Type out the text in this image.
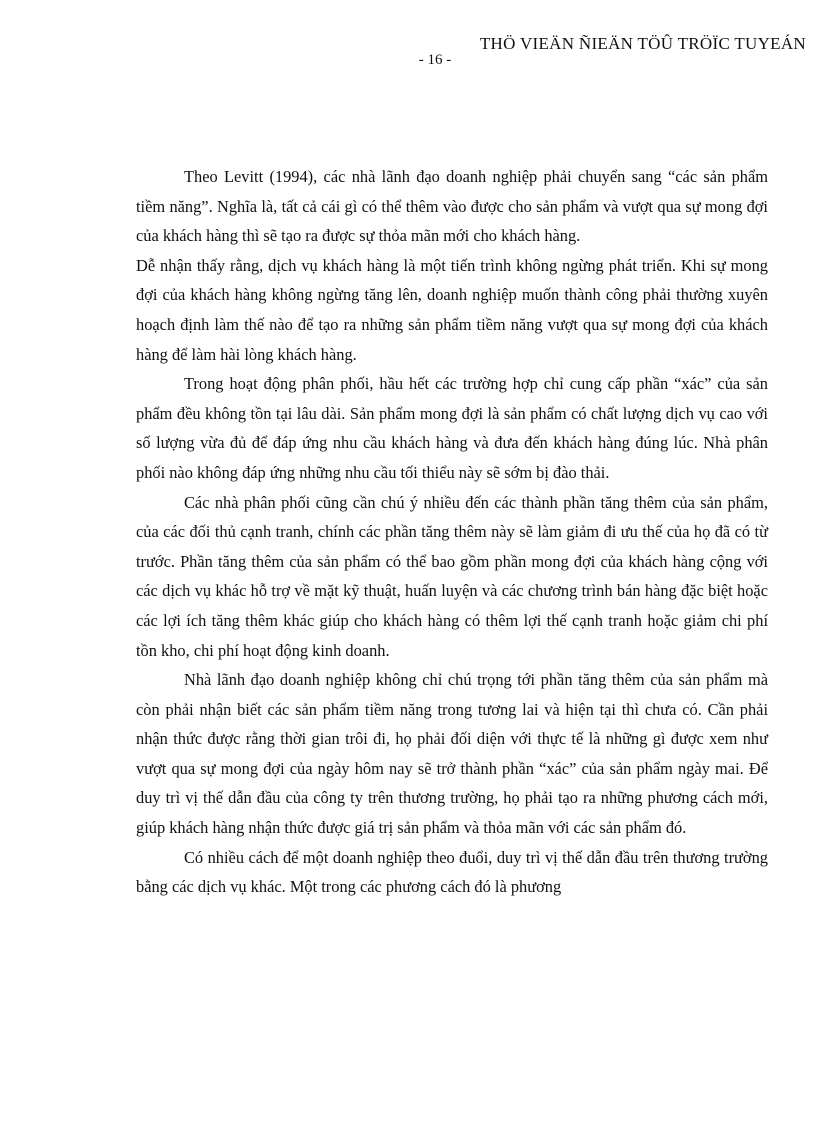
THÖ VIEÄN ÑIEÄN TÖÛ TRÖÏC TUYEÁN
- 16 -

Theo Levitt (1994), các nhà lãnh đạo doanh nghiệp phải chuyển sang “các sản phẩm tiềm năng”. Nghĩa là, tất cả cái gì có thể thêm vào được cho sản phẩm và vượt qua sự mong đợi của khách hàng thì sẽ tạo ra được sự thỏa mãn mới cho khách hàng.

Dễ nhận thấy rằng, dịch vụ khách hàng là một tiến trình không ngừng phát triển. Khi sự mong đợi của khách hàng không ngừng tăng lên, doanh nghiệp muốn thành công phải thường xuyên hoạch định làm thế nào để tạo ra những sản phẩm tiềm năng vượt qua sự mong đợi của khách hàng để làm hài lòng khách hàng.

Trong hoạt động phân phối, hầu hết các trường hợp chỉ cung cấp phần “xác” của sản phẩm đều không tồn tại lâu dài. Sản phẩm mong đợi là sản phẩm có chất lượng dịch vụ cao với số lượng vừa đủ để đáp ứng nhu cầu khách hàng và đưa đến khách hàng đúng lúc. Nhà phân phối nào không đáp ứng những nhu cầu tối thiểu này sẽ sớm bị đào thải.

Các nhà phân phối cũng cần chú ý nhiều đến các thành phần tăng thêm của sản phẩm, của các đối thủ cạnh tranh, chính các phần tăng thêm này sẽ làm giảm đi ưu thế của họ đã có từ trước. Phần tăng thêm của sản phẩm có thể bao gồm phần mong đợi của khách hàng cộng với các dịch vụ khác hỗ trợ về mặt kỹ thuật, huấn luyện và các chương trình bán hàng đặc biệt hoặc các lợi ích tăng thêm khác giúp cho khách hàng có thêm lợi thế cạnh tranh hoặc giảm chi phí tồn kho, chi phí hoạt động kinh doanh.

Nhà lãnh đạo doanh nghiệp không chỉ chú trọng tới phần tăng thêm của sản phẩm mà còn phải nhận biết các sản phẩm tiềm năng trong tương lai và hiện tại thì chưa có. Cần phải nhận thức được rằng thời gian trôi đi, họ phải đối diện với thực tế là những gì được xem như vượt qua sự mong đợi của ngày hôm nay sẽ trở thành phần “xác” của sản phẩm ngày mai. Để duy trì vị thế dẫn đầu của công ty trên thương trường, họ phải tạo ra những phương cách mới, giúp khách hàng nhận thức được giá trị sản phẩm và thỏa mãn với các sản phẩm đó.

Có nhiều cách để một doanh nghiệp theo đuổi, duy trì vị thế dẫn đầu trên thương trường bằng các dịch vụ khác. Một trong các phương cách đó là phương
